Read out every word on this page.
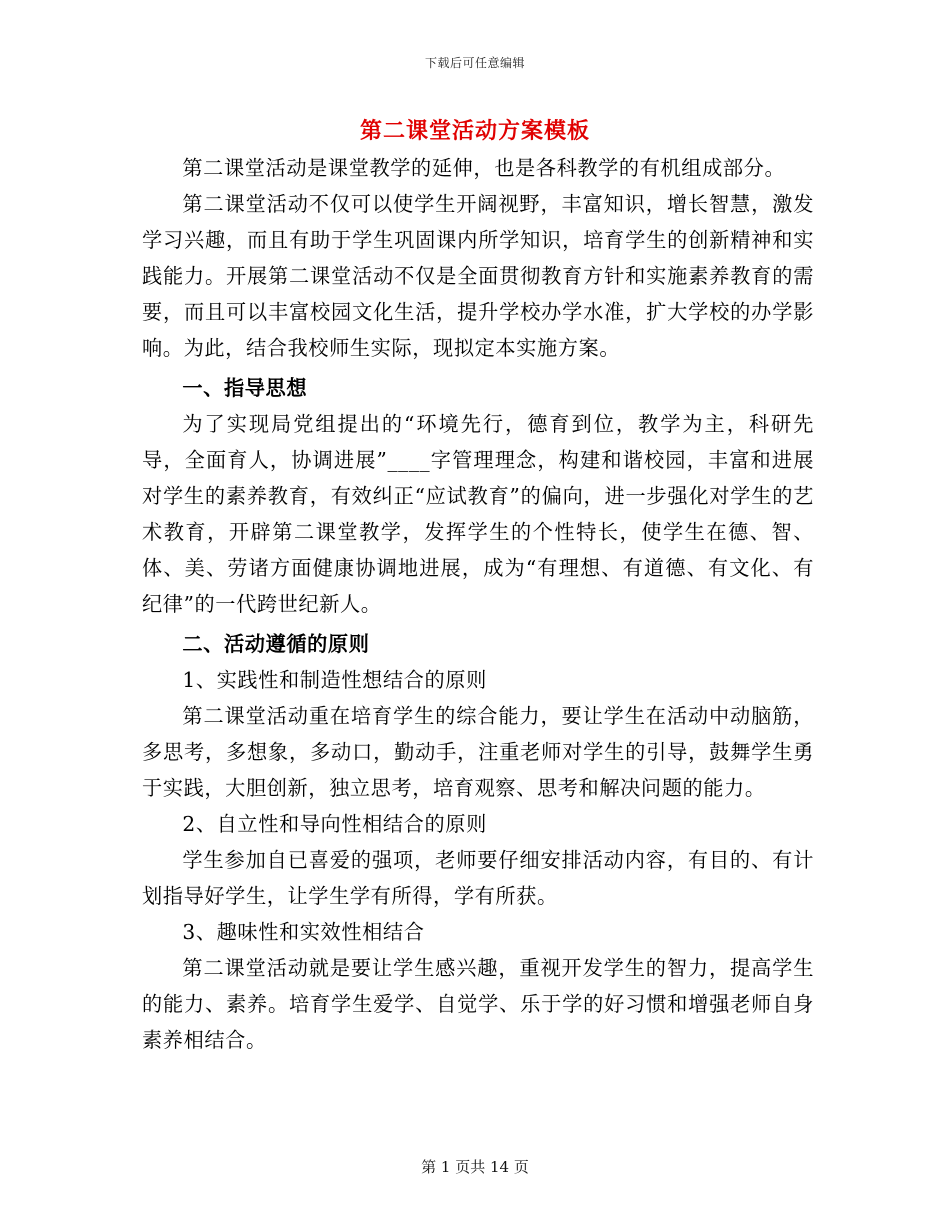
下载后可任意编辑
第二课堂活动方案模板

第二课堂活动是课堂教学的延伸，也是各科教学的有机组成部分。

第二课堂活动不仅可以使学生开阔视野，丰富知识，增长智慧，激发学习兴趣，而且有助于学生巩固课内所学知识，培育学生的创新精神和实践能力。开展第二课堂活动不仅是全面贯彻教育方针和实施素养教育的需要，而且可以丰富校园文化生活，提升学校办学水准，扩大学校的办学影响。为此，结合我校师生实际，现拟定本实施方案。

一、指导思想

为了实现局党组提出的“环境先行，德育到位，教学为主，科研先导，全面育人，协调进展”____字管理理念，构建和谐校园，丰富和进展对学生的素养教育，有效纠正“应试教育”的偏向，进一步强化对学生的艺术教育，开辟第二课堂教学，发挥学生的个性特长，使学生在德、智、体、美、劳诸方面健康协调地进展，成为“有理想、有道德、有文化、有纪律”的一代跨世纪新人。

二、活动遵循的原则

1、实践性和制造性想结合的原则

第二课堂活动重在培育学生的综合能力，要让学生在活动中动脑筋，多思考，多想象，多动口，勤动手，注重老师对学生的引导，鼓舞学生勇于实践，大胆创新，独立思考，培育观察、思考和解决问题的能力。

2、自立性和导向性相结合的原则

学生参加自已喜爱的强项，老师要仔细安排活动内容，有目的、有计划指导好学生，让学生学有所得，学有所获。

3、趣味性和实效性相结合

第二课堂活动就是要让学生感兴趣，重视开发学生的智力，提高学生的能力、素养。培育学生爱学、自觉学、乐于学的好习惯和增强老师自身素养相结合。

第 1 页共 14 页
